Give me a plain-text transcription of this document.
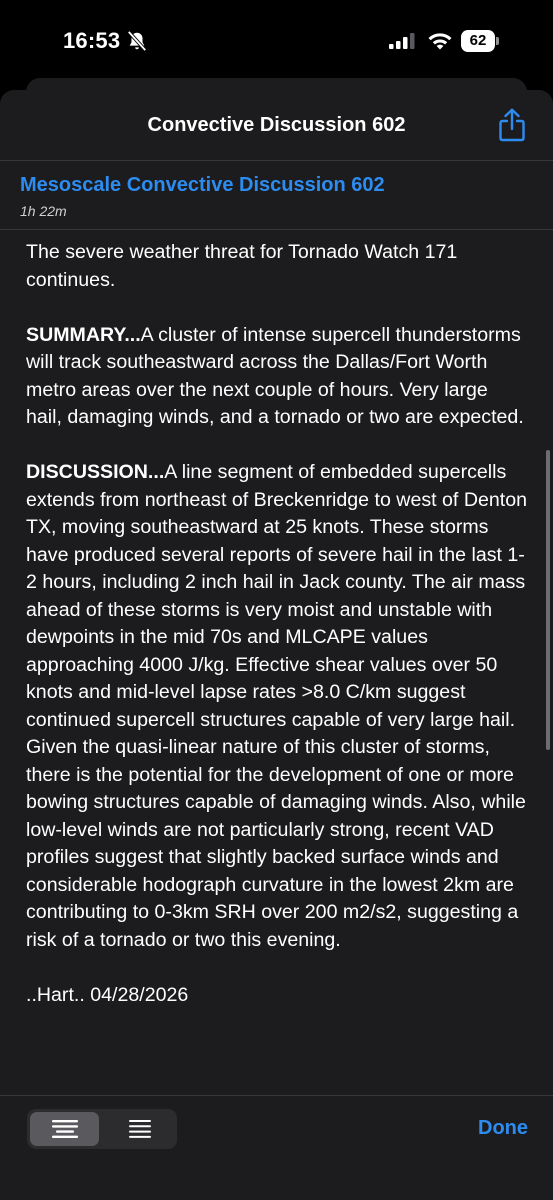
16:53	62
Convective Discussion 602
Mesoscale Convective Discussion 602
1h 22m

The severe weather threat for Tornado Watch 171 continues.

SUMMARY...A cluster of intense supercell thunderstorms will track southeastward across the Dallas/Fort Worth metro areas over the next couple of hours. Very large hail, damaging winds, and a tornado or two are expected.

DISCUSSION...A line segment of embedded supercells extends from northeast of Breckenridge to west of Denton TX, moving southeastward at 25 knots. These storms have produced several reports of severe hail in the last 1-2 hours, including 2 inch hail in Jack county. The air mass ahead of these storms is very moist and unstable with dewpoints in the mid 70s and MLCAPE values approaching 4000 J/kg. Effective shear values over 50 knots and mid-level lapse rates >8.0 C/km suggest continued supercell structures capable of very large hail. Given the quasi-linear nature of this cluster of storms, there is the potential for the development of one or more bowing structures capable of damaging winds. Also, while low-level winds are not particularly strong, recent VAD profiles suggest that slightly backed surface winds and considerable hodograph curvature in the lowest 2km are contributing to 0-3km SRH over 200 m2/s2, suggesting a risk of a tornado or two this evening.

..Hart.. 04/28/2026

Done
